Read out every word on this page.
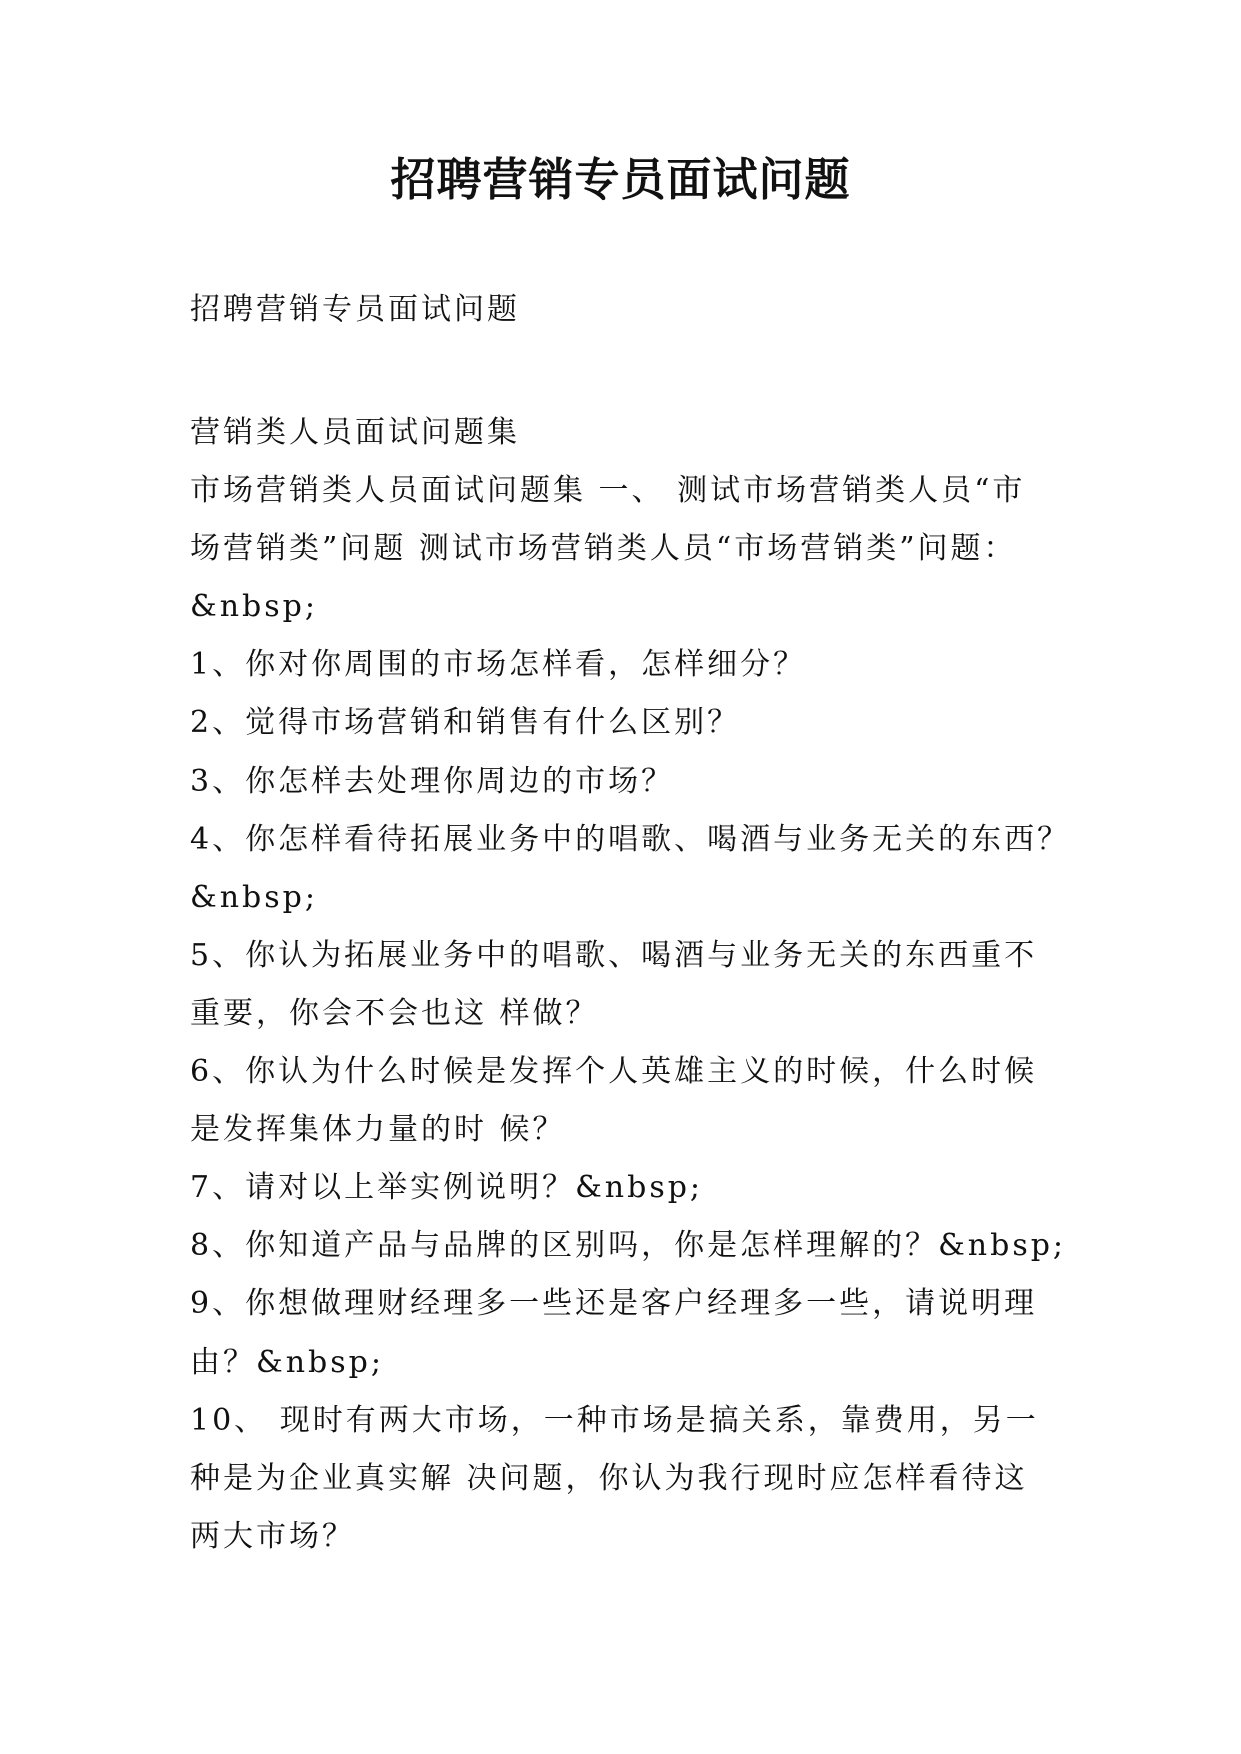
招聘营销专员面试问题

招聘营销专员面试问题

营销类人员面试问题集
市场营销类人员面试问题集 一、 测试市场营销类人员“市
场营销类”问题 测试市场营销类人员“市场营销类”问题：
&nbsp;
1、你对你周围的市场怎样看，怎样细分？
2、觉得市场营销和销售有什么区别？
3、你怎样去处理你周边的市场？
4、你怎样看待拓展业务中的唱歌、喝酒与业务无关的东西？
&nbsp;
5、你认为拓展业务中的唱歌、喝酒与业务无关的东西重不
重要，你会不会也这 样做？
6、你认为什么时候是发挥个人英雄主义的时候，什么时候
是发挥集体力量的时 候？
7、请对以上举实例说明？&nbsp;
8、你知道产品与品牌的区别吗，你是怎样理解的？&nbsp;
9、你想做理财经理多一些还是客户经理多一些，请说明理
由？&nbsp;
10、 现时有两大市场，一种市场是搞关系，靠费用，另一
种是为企业真实解 决问题，你认为我行现时应怎样看待这
两大市场？
